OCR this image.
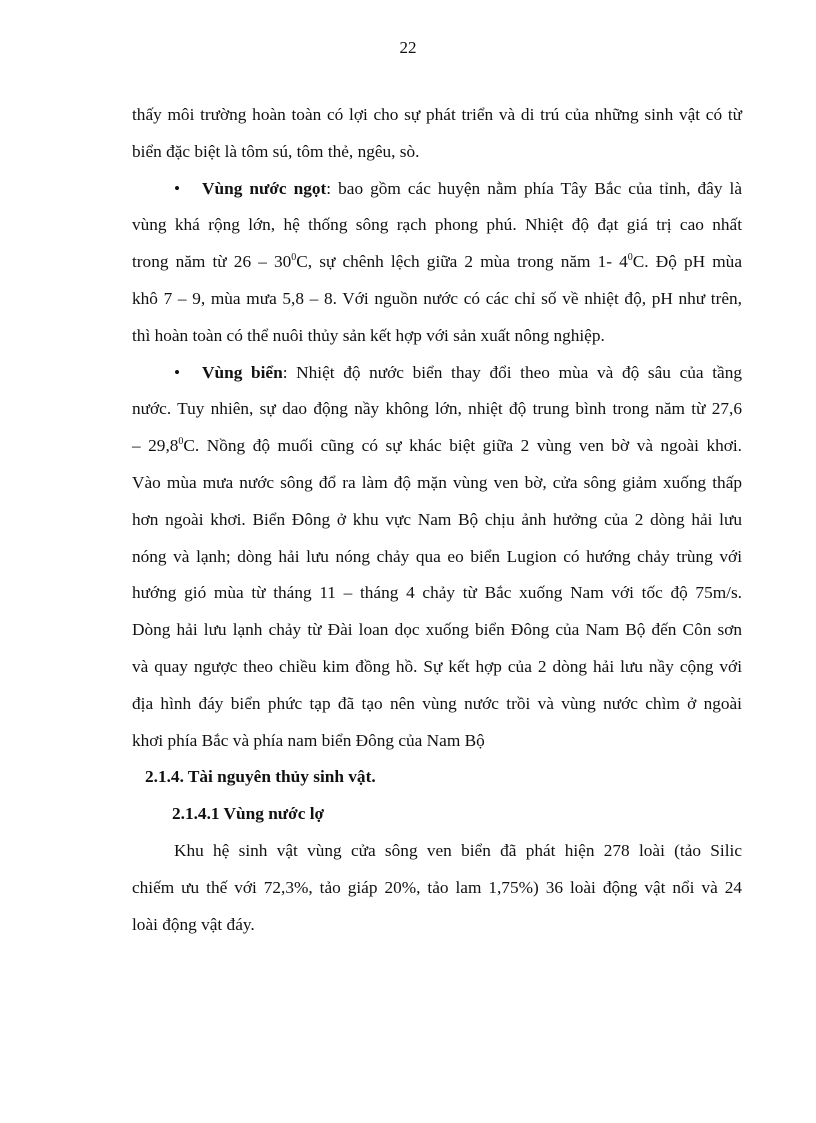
22
thấy môi trường hoàn toàn có lợi cho sự phát triển và di trú của những sinh vật có từ
biển đặc biệt là tôm sú, tôm thẻ, ngêu, sò.
• Vùng nước ngọt: bao gồm các huyện nằm phía Tây Bắc của tỉnh, đây là
vùng khá rộng lớn, hệ thống sông rạch phong phú. Nhiệt độ đạt giá trị cao nhất
trong năm từ $26 - 30^0C$, sự chênh lệch giữa 2 mùa trong năm 1- $4^0C$. Độ pH mùa
khô 7 – 9, mùa mưa 5,8 – 8. Với nguồn nước có các chỉ số về nhiệt độ, pH như trên,
thì hoàn toàn có thể nuôi thủy sản kết hợp với sản xuất nông nghiệp.
• Vùng biển: Nhiệt độ nước biển thay đổi theo mùa và độ sâu của tầng
nước. Tuy nhiên, sự dao động nầy không lớn, nhiệt độ trung bình trong năm từ 27,6
– 29,8$^0$C. Nồng độ muối cũng có sự khác biệt giữa 2 vùng ven bờ và ngoài khơi.
Vào mùa mưa nước sông đổ ra làm độ mặn vùng ven bờ, cửa sông giảm xuống thấp
hơn ngoài khơi. Biển Đông ở khu vực Nam Bộ chịu ảnh hưởng của 2 dòng hải lưu
nóng và lạnh; dòng hải lưu nóng chảy qua eo biển Lugion có hướng chảy trùng với
hướng gió mùa từ tháng 11 – tháng 4 chảy từ Bắc xuống Nam với tốc độ 75m/s.
Dòng hải lưu lạnh chảy từ Đài loan dọc xuống biển Đông của Nam Bộ đến Côn sơn
và quay ngược theo chiều kim đồng hồ. Sự kết hợp của 2 dòng hải lưu nầy cộng với
địa hình đáy biển phức tạp đã tạo nên vùng nước trồi và vùng nước chìm ở ngoài
khơi phía Bắc và phía nam biển Đông của Nam Bộ
2.1.4. Tài nguyên thủy sinh vật.
2.1.4.1 Vùng nước lợ
Khu hệ sinh vật vùng cửa sông ven biển đã phát hiện 278 loài (tảo Silic
chiếm ưu thế với 72,3%, tảo giáp 20%, tảo lam 1,75%) 36 loài động vật nổi và 24
loài động vật đáy.
